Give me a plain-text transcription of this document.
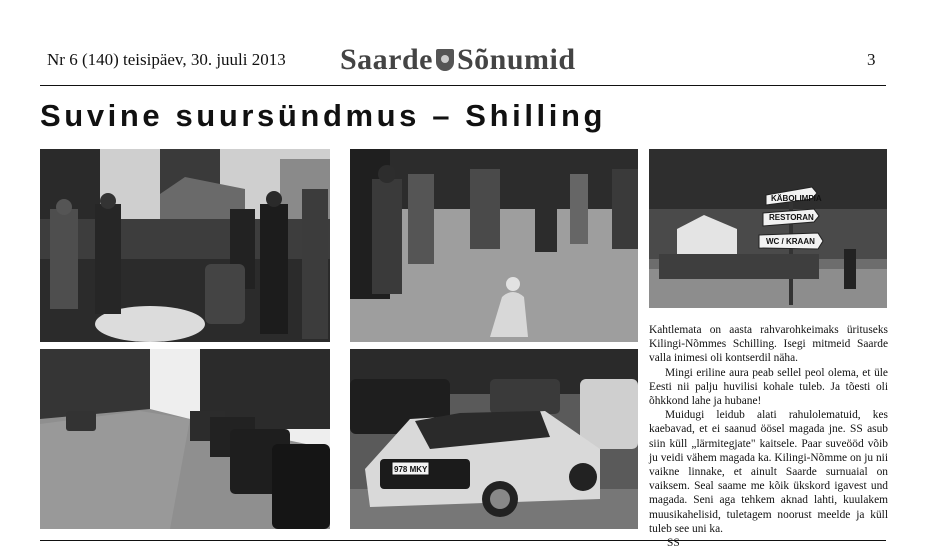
Nr 6 (140) teisipäev, 30. juuli 2013 Saarde Sõnumid	3
Suvine suursündmus – Shilling
KÄBOLIMPIA
RESTORAN
WC / KRAAN
978 MKY

Kahtlemata on aasta rahvarohkeimaks ürituseks Kilingi-Nõmmes Schilling. Isegi mitmeid Saarde valla inimesi oli kontserdil näha.

Mingi eriline aura peab sellel peol olema, et üle Eesti nii palju huvilisi kohale tuleb. Ja tõesti oli õhkkond lahe ja hubane!

Muidugi leidub alati rahulolematuid, kes kaebavad, et ei saanud öösel magada jne. SS asub siin küll „lärmitegjate" kaitsele. Paar suveööd võib ju veidi vähem magada ka. Kilingi-Nõmme on ju nii vaikne linnake, et ainult Saarde surnuaial on vaiksem. Seal saame me kõik ükskord igavest und magada. Seni aga tehkem aknad lahti, kuulakem muusikahelisid, tuletagem noorust meelde ja küll tuleb see uni ka.

SS
